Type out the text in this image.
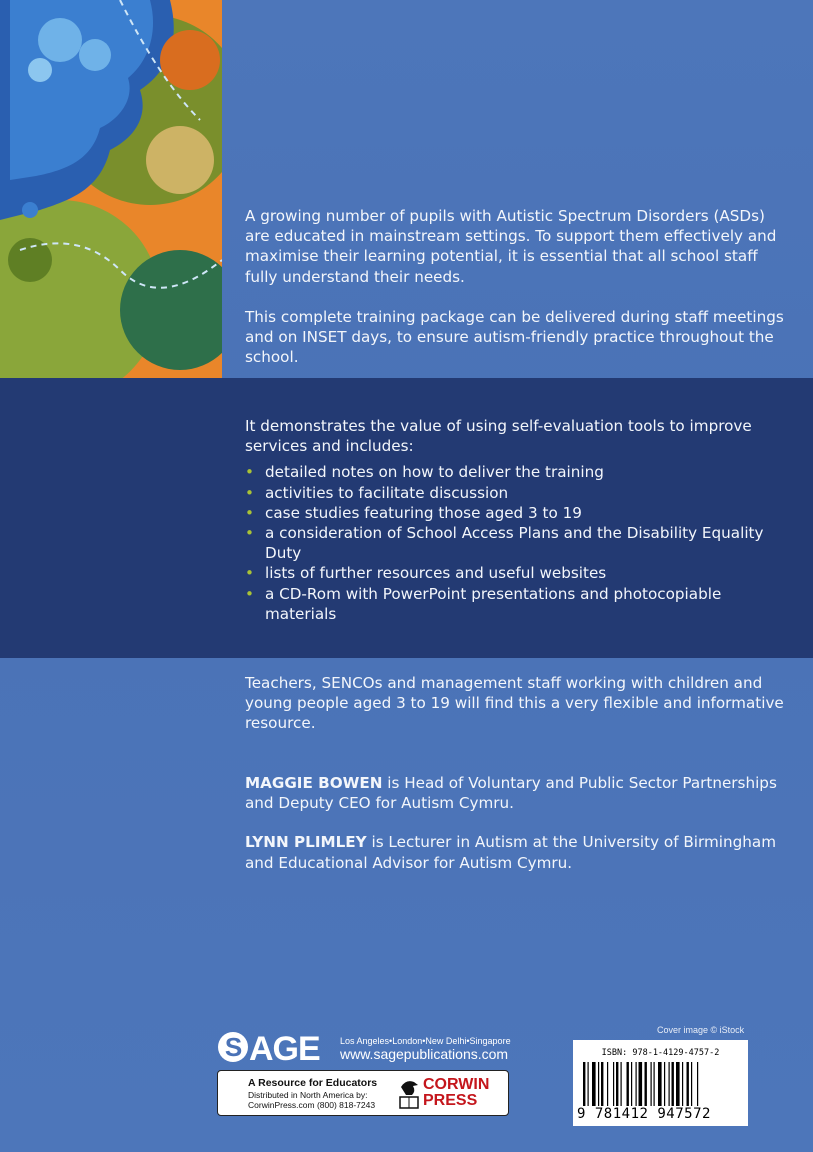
A growing number of pupils with Autistic Spectrum Disorders (ASDs) are educated in mainstream settings. To support them effectively and maximise their learning potential, it is essential that all school staff fully understand their needs.

This complete training package can be delivered during staff meetings and on INSET days, to ensure autism-friendly practice throughout the school.

It demonstrates the value of using self-evaluation tools to improve services and includes:

• detailed notes on how to deliver the training
• activities to facilitate discussion
• case studies featuring those aged 3 to 19
• a consideration of School Access Plans and the Disability Equality Duty
• lists of further resources and useful websites
• a CD-Rom with PowerPoint presentations and photocopiable materials

Teachers, SENCOs and management staff working with children and young people aged 3 to 19 will find this a very flexible and informative resource.

MAGGIE BOWEN is Head of Voluntary and Public Sector Partnerships and Deputy CEO for Autism Cymru.

LYNN PLIMLEY is Lecturer in Autism at the University of Birmingham and Educational Advisor for Autism Cymru.

S AGE Los Angeles•London•New Delhi•Singapore
www.sagepublications.com
A Resource for Educators
Distributed in North America by:
CorwinPress.com (800) 818-7243
CORWIN
PRESS
Cover image © iStock
ISBN: 978-1-4129-4757-2
9 781412 947572
